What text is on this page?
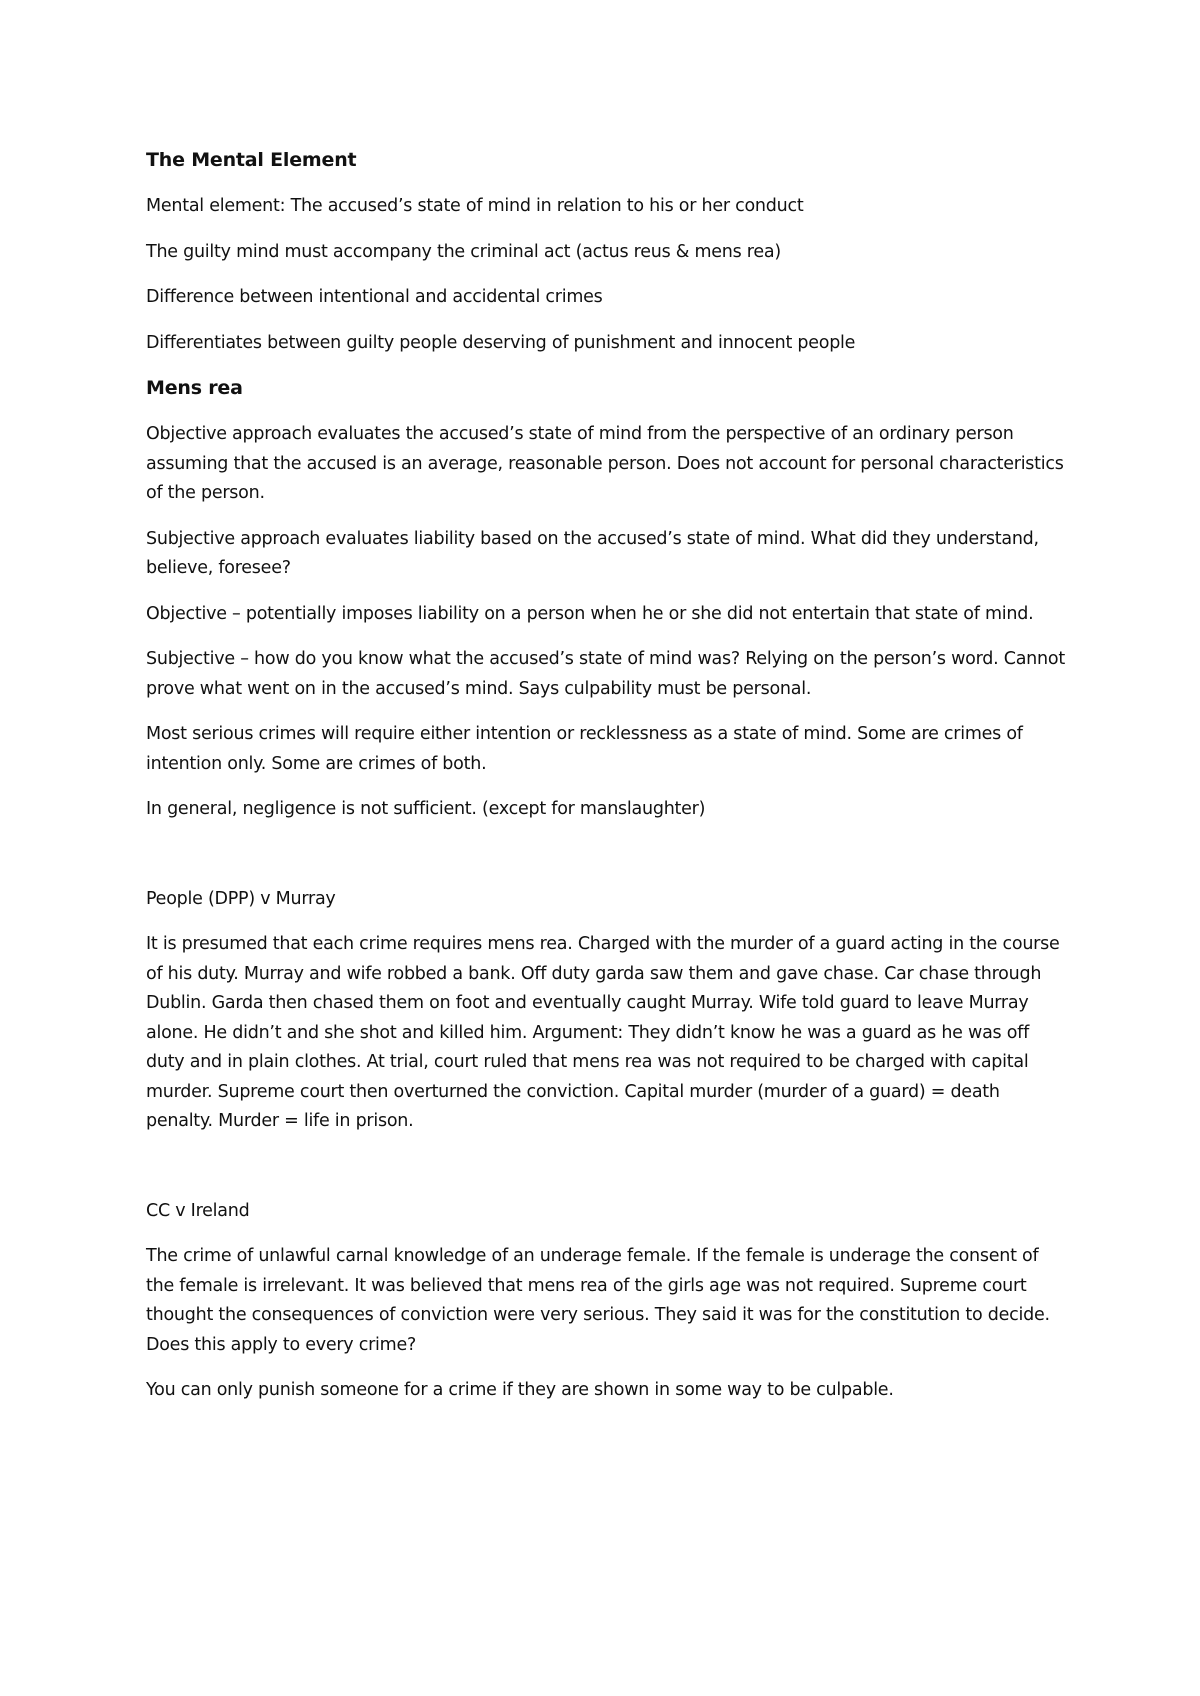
The Mental Element

Mental element: The accused’s state of mind in relation to his or her conduct

The guilty mind must accompany the criminal act (actus reus & mens rea)

Difference between intentional and accidental crimes

Differentiates between guilty people deserving of punishment and innocent people

Mens rea

Objective approach evaluates the accused’s state of mind from the perspective of an ordinary person assuming that the accused is an average, reasonable person. Does not account for personal characteristics of the person.

Subjective approach evaluates liability based on the accused’s state of mind. What did they understand, believe, foresee?

Objective – potentially imposes liability on a person when he or she did not entertain that state of mind.

Subjective – how do you know what the accused’s state of mind was? Relying on the person’s word. Cannot prove what went on in the accused’s mind. Says culpability must be personal.

Most serious crimes will require either intention or recklessness as a state of mind. Some are crimes of intention only. Some are crimes of both.

In general, negligence is not sufficient. (except for manslaughter)

People (DPP) v Murray

It is presumed that each crime requires mens rea. Charged with the murder of a guard acting in the course of his duty. Murray and wife robbed a bank. Off duty garda saw them and gave chase. Car chase through Dublin. Garda then chased them on foot and eventually caught Murray. Wife told guard to leave Murray alone. He didn’t and she shot and killed him. Argument: They didn’t know he was a guard as he was off duty and in plain clothes. At trial, court ruled that mens rea was not required to be charged with capital murder. Supreme court then overturned the conviction. Capital murder (murder of a guard) = death penalty. Murder = life in prison.

CC v Ireland

The crime of unlawful carnal knowledge of an underage female. If the female is underage the consent of the female is irrelevant. It was believed that mens rea of the girls age was not required. Supreme court thought the consequences of conviction were very serious. They said it was for the constitution to decide. Does this apply to every crime?

You can only punish someone for a crime if they are shown in some way to be culpable.
